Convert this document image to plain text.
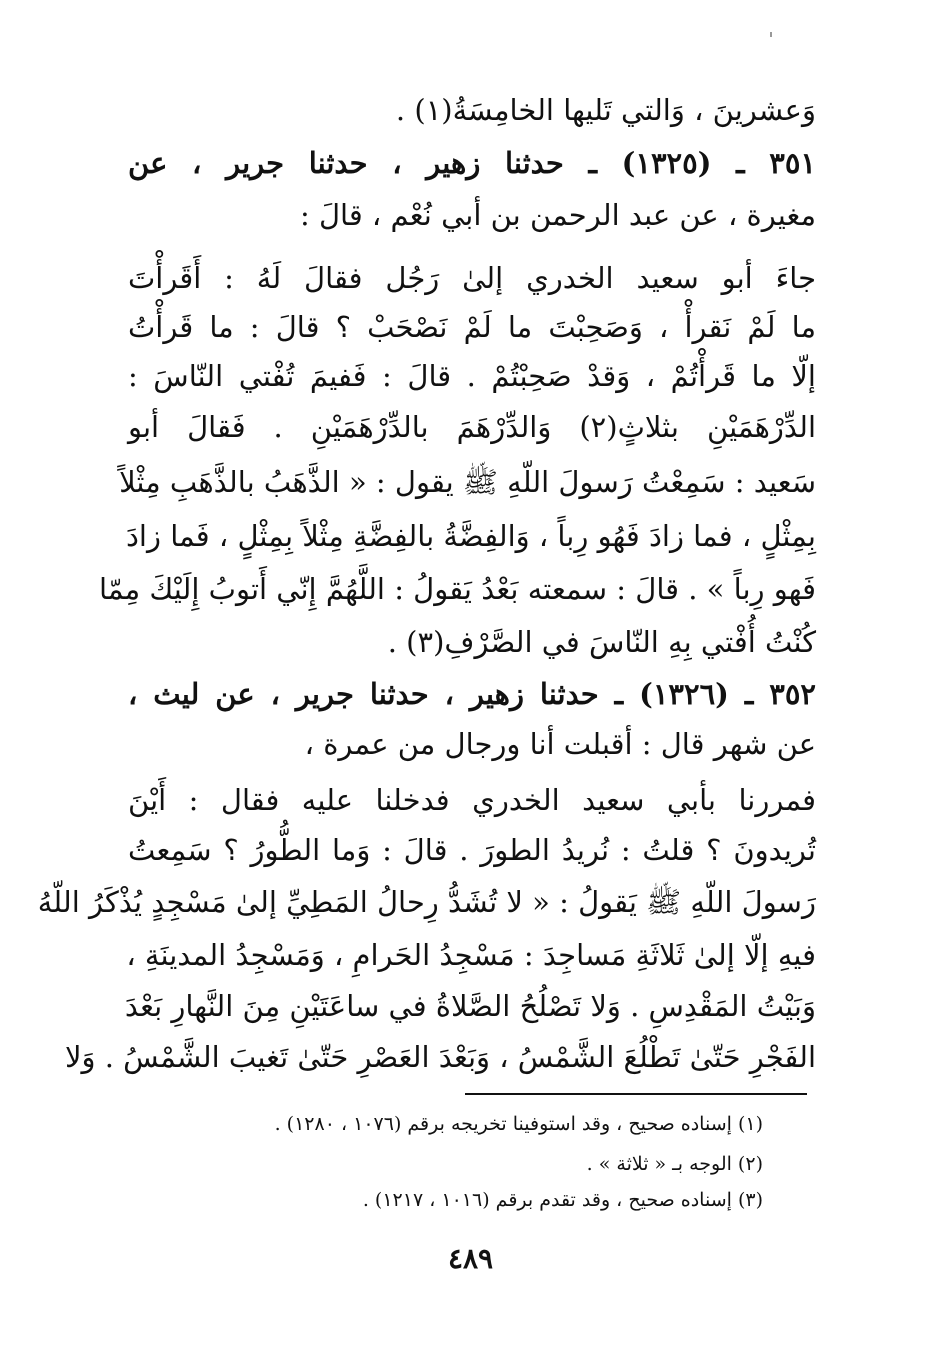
وَعشرينَ ، وَالتي تَليها الخامِسَةُ(١) .
٣٥١ ـ (١٣٢٥) ـ حدثنا زهير ، حدثنا جرير ، عن
مغيرة ، عن عبد الرحمن بن أبي نُعْم ، قالَ :
جاءَ أبو سعيد الخدري إلىٰ رَجُل فقالَ لَهُ : أَقَرأْتَ
ما لَمْ نَقرأْ ، وَصَحِبْتَ ما لَمْ نَصْحَبْ ؟ قالَ : ما قَرأْتُ
إلّا ما قَرأْتُمْ ، وَقدْ صَحِبْتُمْ . قالَ : فَفيمَ تُفْتي النّاسَ :
الدِّرْهَمَيْنِ بثلاثٍ(٢) وَالدِّرْهَمَ بالدِّرْهَمَيْنِ . فَقالَ أبو
سَعيد : سَمِعْتُ رَسولَ اللّهِ ﷺ يقول : « الذَّهَبُ بالذَّهَبِ مِثْلاً
بِمِثْلٍ ، فما زادَ فَهُو رِباً ، وَالفِضَّةُ بالفِضَّةِ مِثْلاً بِمِثْلٍ ، فَما زادَ
فَهو رِباً » . قالَ : سمعته بَعْدُ يَقولُ : اللَّهُمَّ إِنّي أَتوبُ إِلَيْكَ مِمّا
كُنْتُ أُفْتي بِهِ النّاسَ في الصَّرْفِ(٣) .
٣٥٢ ـ (١٣٢٦) ـ حدثنا زهير ، حدثنا جرير ، عن ليث ،
عن شهر قال : أقبلت أنا ورجال من عمرة ،
فمررنا بأبي سعيد الخدري فدخلنا عليه فقال : أَيْنَ
تُريدونَ ؟ قلتُ : نُريدُ الطورَ . قالَ : وَما الطُّورُ ؟ سَمِعتُ
رَسولَ اللّهِ ﷺ يَقولُ : « لا تُشَدُّ رِحالُ المَطِيِّ إلىٰ مَسْجِدٍ يُذْكَرُ اللّهُ
فيهِ إلّا إلىٰ ثَلاثَةِ مَساجِدَ : مَسْجِدُ الحَرامِ ، وَمَسْجِدُ المدينَةِ ،
وَبَيْتُ المَقْدِسِ . وَلا تَصْلُحُ الصَّلاةُ في ساعَتَيْنِ مِنَ النَّهارِ بَعْدَ
الفَجْرِ حَتّىٰ تَطْلُعَ الشَّمْسُ ، وَبَعْدَ العَصْرِ حَتّىٰ تَغيبَ الشَّمْسُ . وَلا
(١) إسناده صحيح ، وقد استوفينا تخريجه برقم (١٠٧٦ ، ١٢٨٠) .
(٢) الوجه بـ « ثلاثة » .
(٣) إسناده صحيح ، وقد تقدم برقم (١٠١٦ ، ١٢١٧) .
٤٨٩
